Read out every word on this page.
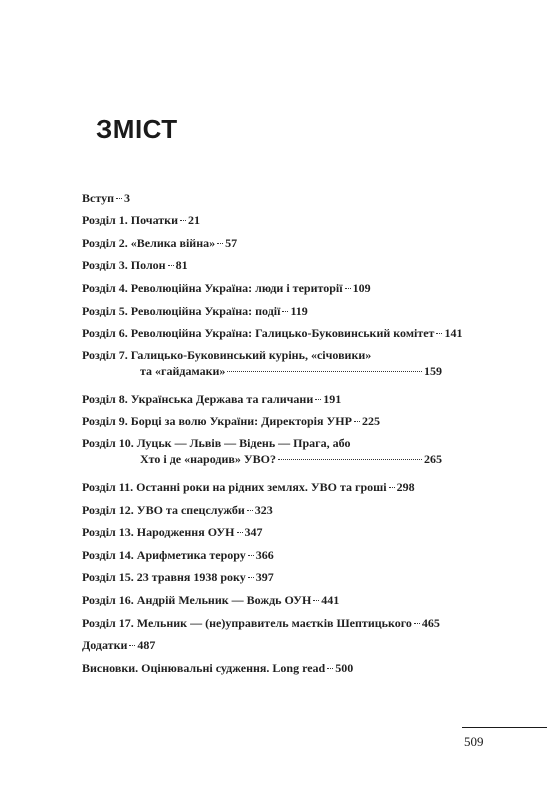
ЗМІСТ
Вступ 3
Розділ 1. Початки 21
Розділ 2. «Велика війна» 57
Розділ 3. Полон 81
Розділ 4. Революційна Україна: люди і території 109
Розділ 5. Революційна Україна: події 119
Розділ 6. Революційна Україна: Галицько-Буковинський комітет 141
Розділ 7. Галицько-Буковинський курінь, «січовики»
та «гайдамаки»	159
Розділ 8. Українська Держава та галичани 191
Розділ 9. Борці за волю України: Директорія УНР 225
Розділ 10. Луцьк — Львів — Відень — Прага, або
Хто і де «народив» УВО?	265
Розділ 11. Останні роки на рідних землях. УВО та гроші 298
Розділ 12. УВО та спецслужби 323
Розділ 13. Народження ОУН 347
Розділ 14. Арифметика терору 366
Розділ 15. 23 травня 1938 року 397
Розділ 16. Андрій Мельник — Вождь ОУН 441
Розділ 17. Мельник — (не)управитель маєтків Шептицького 465
Додатки 487
Висновки. Оцінювальні судження. Long read 500
509
